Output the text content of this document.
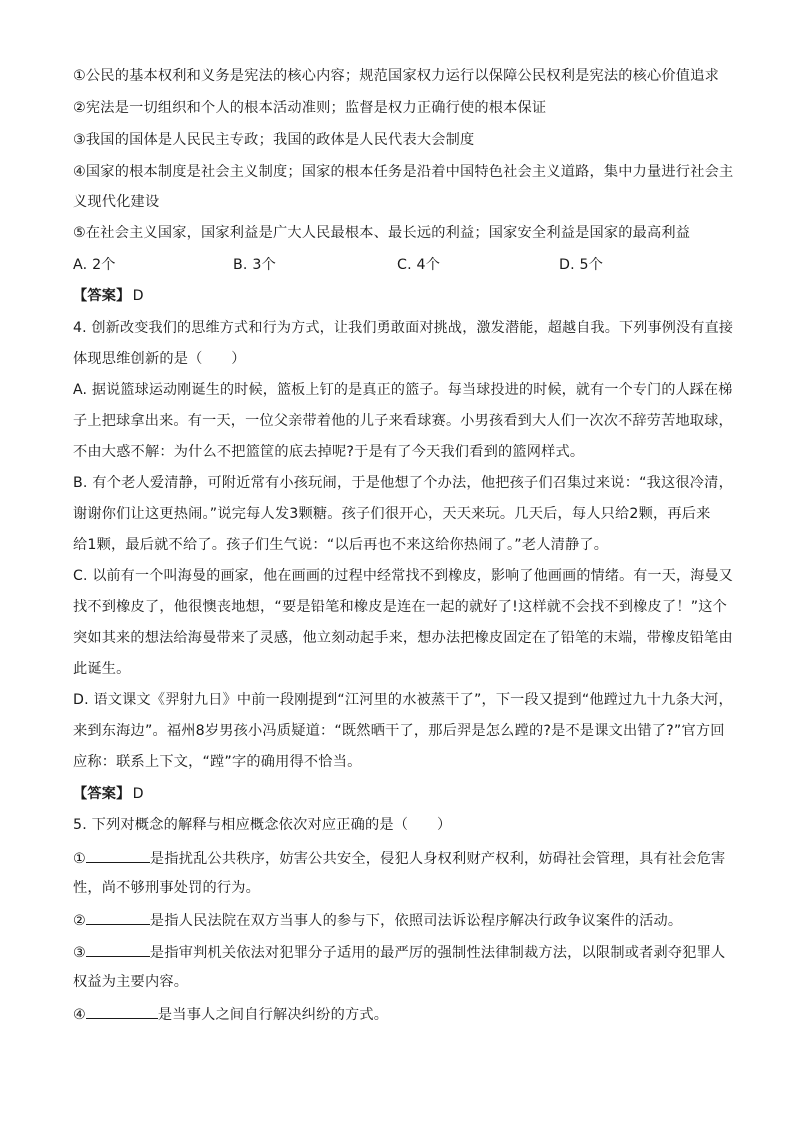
①公民的基本权利和义务是宪法的核心内容；规范国家权力运行以保障公民权利是宪法的核心价值追求
②宪法是一切组织和个人的根本活动准则；监督是权力正确行使的根本保证
③我国的国体是人民民主专政；我国的政体是人民代表大会制度
④国家的根本制度是社会主义制度；国家的根本任务是沿着中国特色社会主义道路，集中力量进行社会主
义现代化建设
⑤在社会主义国家，国家利益是广大人民最根本、最长远的利益；国家安全利益是国家的最高利益
A. 2个	B. 3个	C. 4个	D. 5个
【答案】 D
4. 创新改变我们的思维方式和行为方式，让我们勇敢面对挑战，激发潜能，超越自我。下列事例没有直接
体现思维创新的是（　　）
A. 据说篮球运动刚诞生的时候，篮板上钉的是真正的篮子。每当球投进的时候，就有一个专门的人踩在梯
子上把球拿出来。有一天，一位父亲带着他的儿子来看球赛。小男孩看到大人们一次次不辞劳苦地取球，
不由大惑不解：为什么不把篮筐的底去掉呢?于是有了今天我们看到的篮网样式。
B. 有个老人爱清静，可附近常有小孩玩闹，于是他想了个办法，他把孩子们召集过来说：“我这很冷清，
谢谢你们让这更热闹。”说完每人发3颗糖。孩子们很开心，天天来玩。几天后，每人只给2颗，再后来
给1颗，最后就不给了。孩子们生气说：“以后再也不来这给你热闹了。”老人清静了。
C. 以前有一个叫海曼的画家，他在画画的过程中经常找不到橡皮，影响了他画画的情绪。有一天，海曼又
找不到橡皮了，他很懊丧地想，“要是铅笔和橡皮是连在一起的就好了!这样就不会找不到橡皮了！”这个
突如其来的想法给海曼带来了灵感，他立刻动起手来，想办法把橡皮固定在了铅笔的末端，带橡皮铅笔由
此诞生。
D. 语文课文《羿射九日》中前一段刚提到“江河里的水被蒸干了”，下一段又提到“他蹚过九十九条大河，
来到东海边”。福州8岁男孩小冯质疑道：“既然晒干了，那后羿是怎么蹚的?是不是课文出错了?”官方回
应称：联系上下文，“蹚”字的确用得不恰当。
【答案】 D
5. 下列对概念的解释与相应概念依次对应正确的是（　　）
①	是指扰乱公共秩序，妨害公共安全，侵犯人身权利财产权利，妨碍社会管理，具有社会危害
性，尚不够刑事处罚的行为。
②	是指人民法院在双方当事人的参与下，依照司法诉讼程序解决行政争议案件的活动。
③	是指审判机关依法对犯罪分子适用的最严厉的强制性法律制裁方法，以限制或者剥夺犯罪人
权益为主要内容。
④	是当事人之间自行解决纠纷的方式。
